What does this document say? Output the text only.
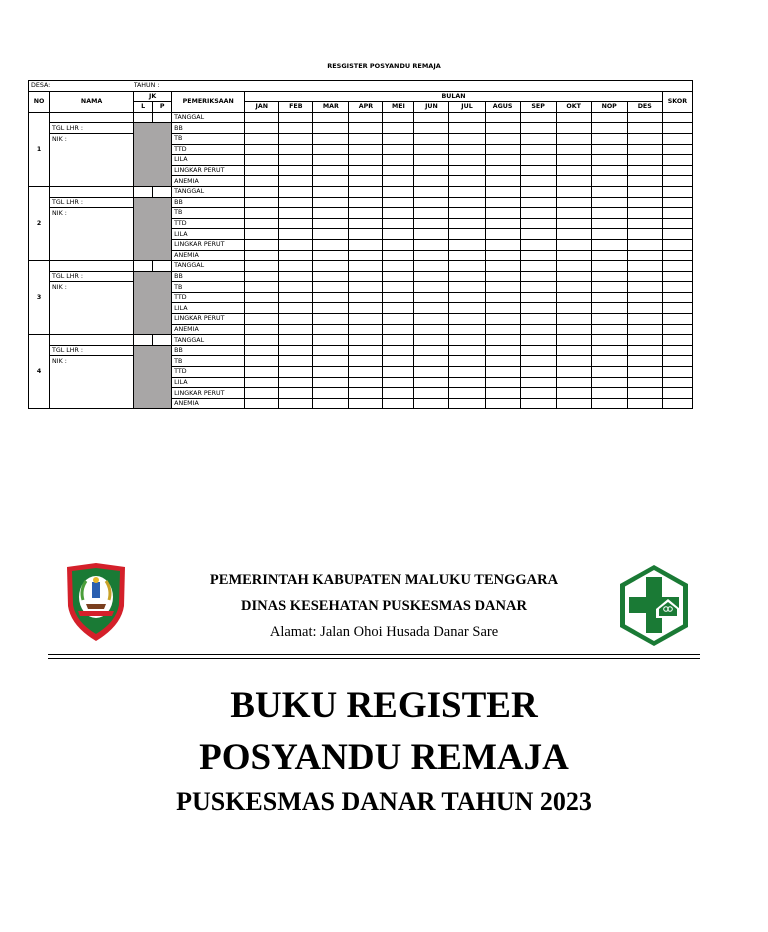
RESGISTER POSYANDU REMAJA
DESA:		TAHUN :															
NO	NAMA	JK		PEMERIKSAAN	BULAN												SKOR
		L	P		JAN	FEB	MAR	APR	MEI	JUN	JUL	AGUS	SEP	OKT	NOP	DES	
1				TANGGAL													
	TGL LHR :			BB													
	NIK :			TB													
				TTD													
				LILA													
				LINGKAR PERUT													
				ANEMIA													
2				TANGGAL													
	TGL LHR :			BB													
	NIK :			TB													
				TTD													
				LILA													
				LINGKAR PERUT													
				ANEMIA													
3				TANGGAL													
	TGL LHR :			BB													
	NIK :			TB													
				TTD													
				LILA													
				LINGKAR PERUT													
				ANEMIA													
4				TANGGAL													
	TGL LHR :			BB													
	NIK :			TB													
				TTD													
				LILA													
				LINGKAR PERUT													
				ANEMIA													
PEMERINTAH KABUPATEN MALUKU TENGGARA
DINAS KESEHATAN PUSKESMAS DANAR
Alamat: Jalan Ohoi Husada Danar Sare
BUKU REGISTER
POSYANDU REMAJA
PUSKESMAS DANAR TAHUN 2023
